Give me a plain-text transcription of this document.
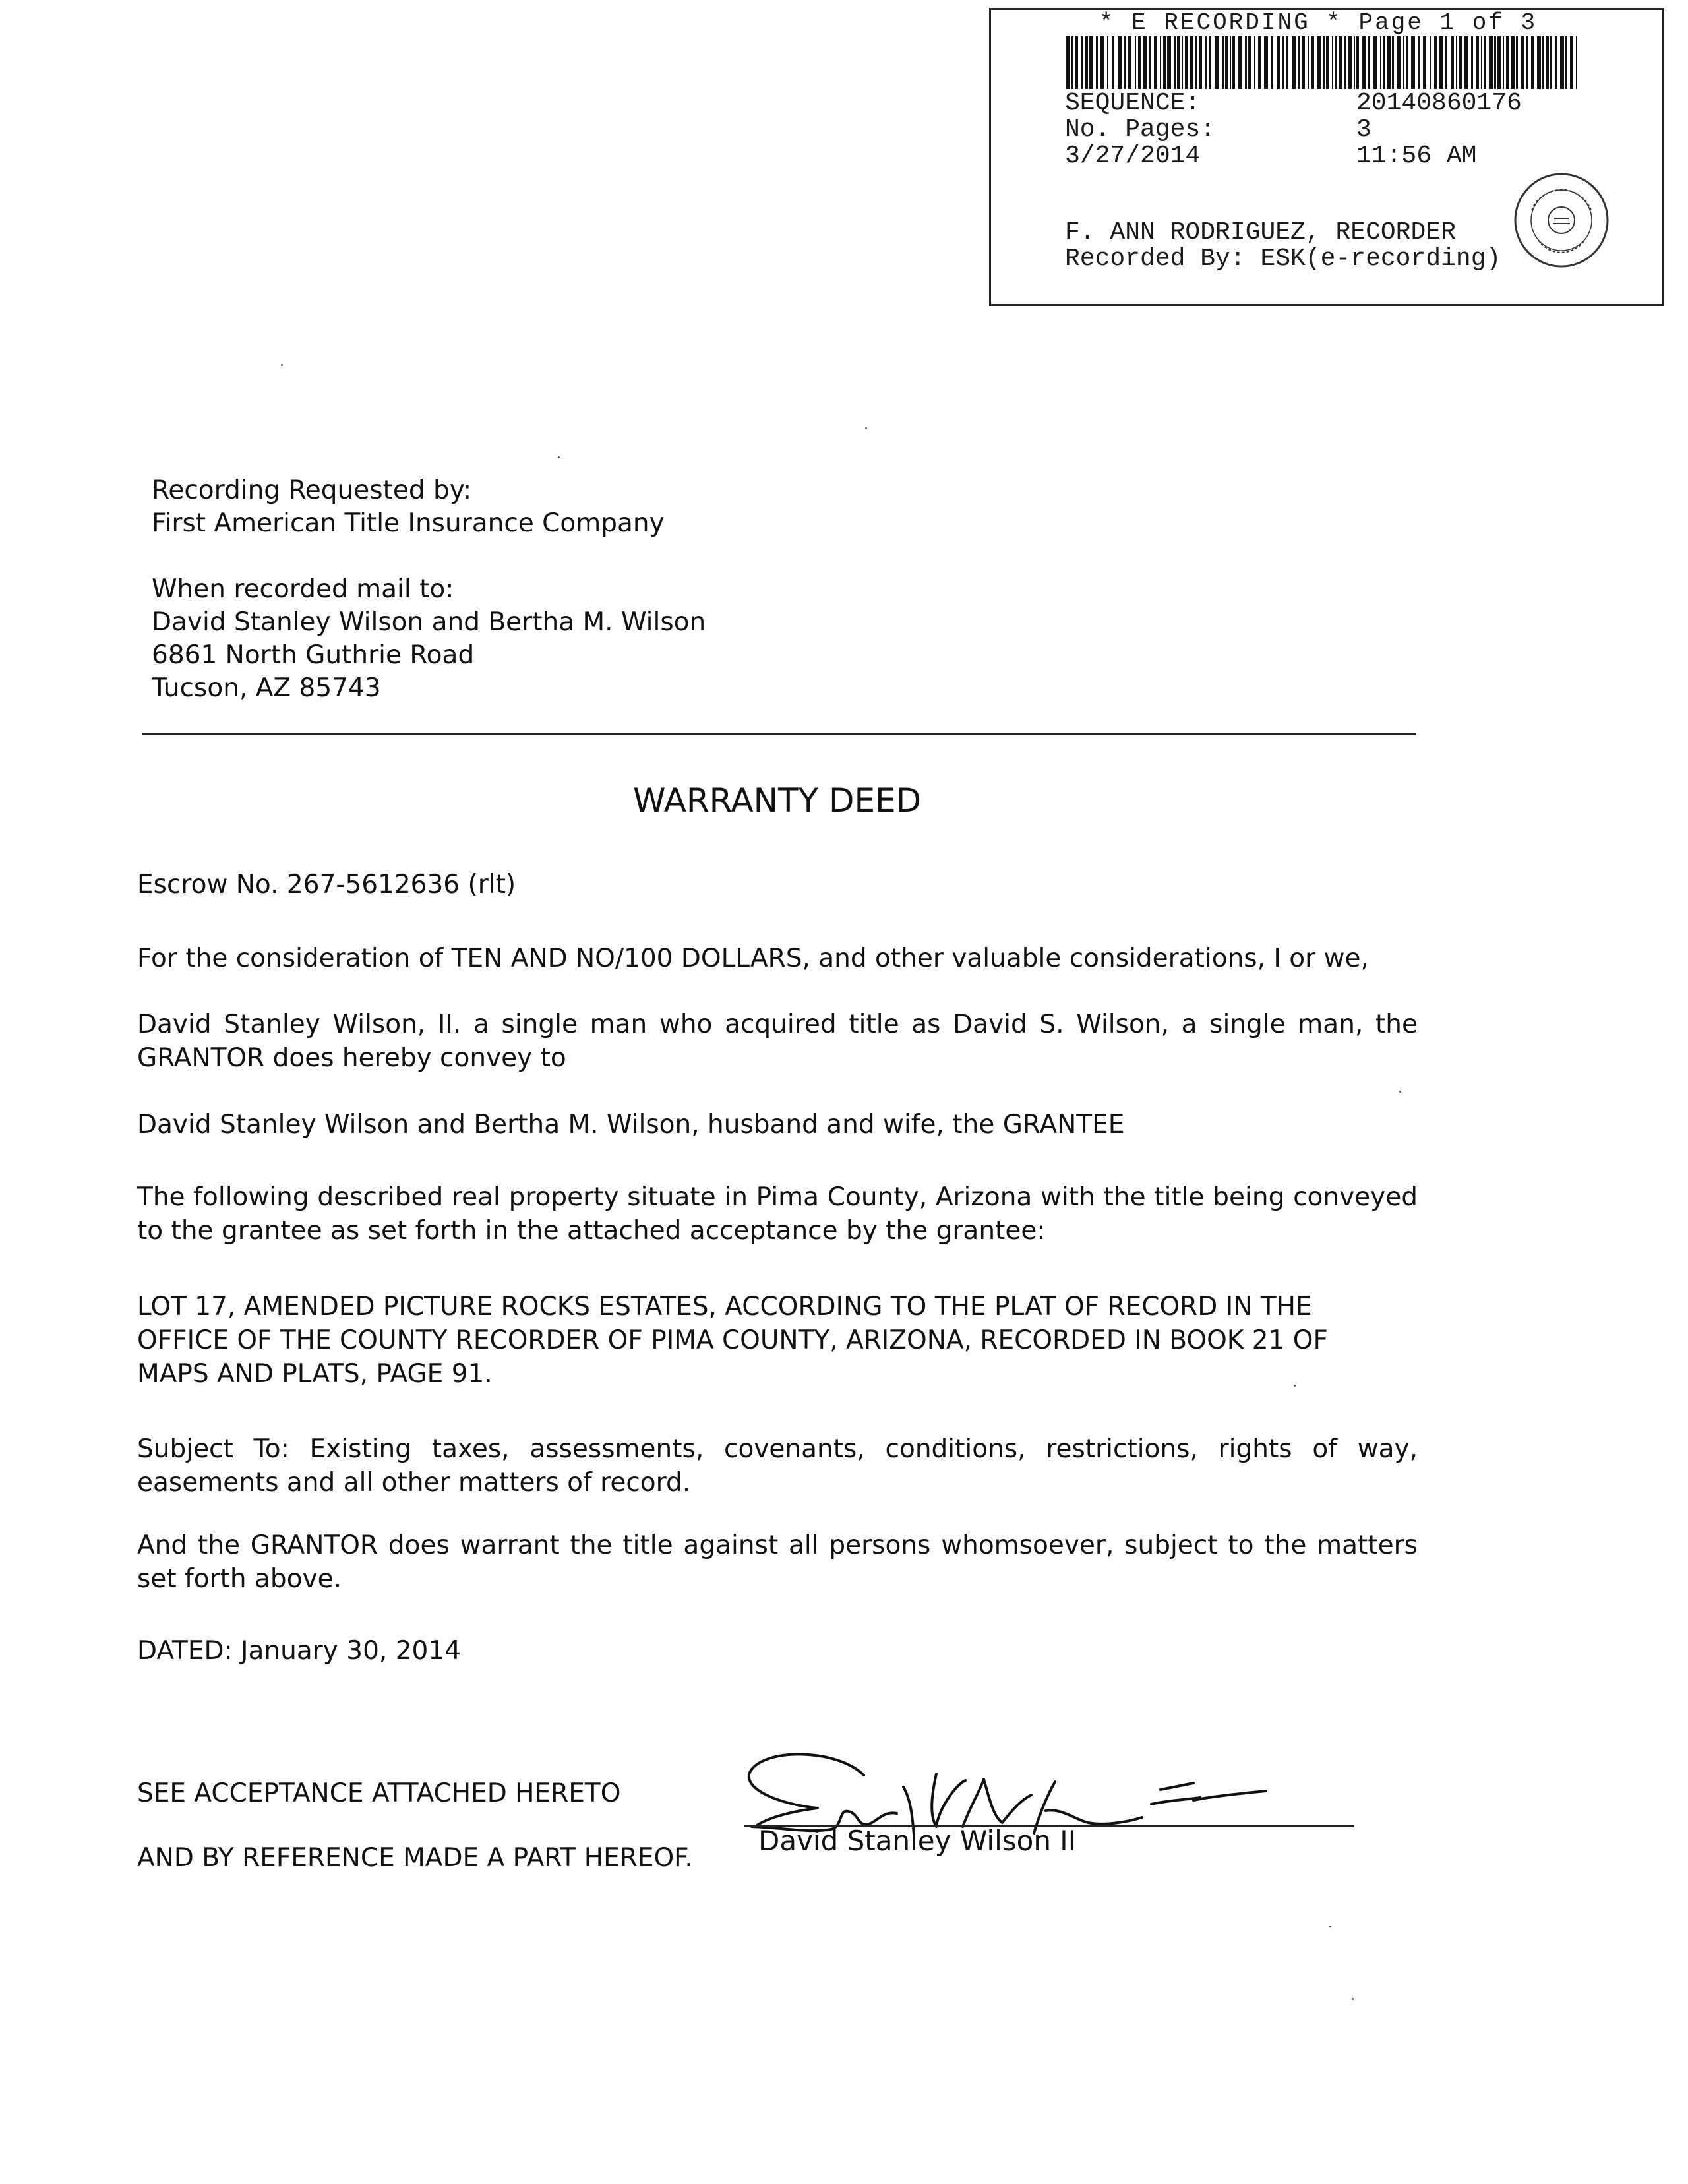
* E RECORDING * Page 1 of 3
SEQUENCE:	20140860176
No. Pages:	3
3/27/2014	11:56 AM
F. ANN RODRIGUEZ, RECORDER
Recorded By: ESK(e-recording)
Recording Requested by:
First American Title Insurance Company
When recorded mail to:
David Stanley Wilson and Bertha M. Wilson
6861 North Guthrie Road
Tucson, AZ 85743
WARRANTY DEED
Escrow No. 267-5612636 (rlt)
For the consideration of TEN AND NO/100 DOLLARS, and other valuable considerations, I or we,
David Stanley Wilson, II. a single man who acquired title as David S. Wilson, a single man, the GRANTOR does hereby convey to
David Stanley Wilson and Bertha M. Wilson, husband and wife, the GRANTEE
The following described real property situate in Pima County, Arizona with the title being conveyed to the grantee as set forth in the attached acceptance by the grantee:
LOT 17, AMENDED PICTURE ROCKS ESTATES, ACCORDING TO THE PLAT OF RECORD IN THE OFFICE OF THE COUNTY RECORDER OF PIMA COUNTY, ARIZONA, RECORDED IN BOOK 21 OF MAPS AND PLATS, PAGE 91.
Subject To: Existing taxes, assessments, covenants, conditions, restrictions, rights of way, easements and all other matters of record.
And the GRANTOR does warrant the title against all persons whomsoever, subject to the matters set forth above.
DATED: January 30, 2014
SEE ACCEPTANCE ATTACHED HERETO
AND BY REFERENCE MADE A PART HEREOF.
David Stanley Wilson II
